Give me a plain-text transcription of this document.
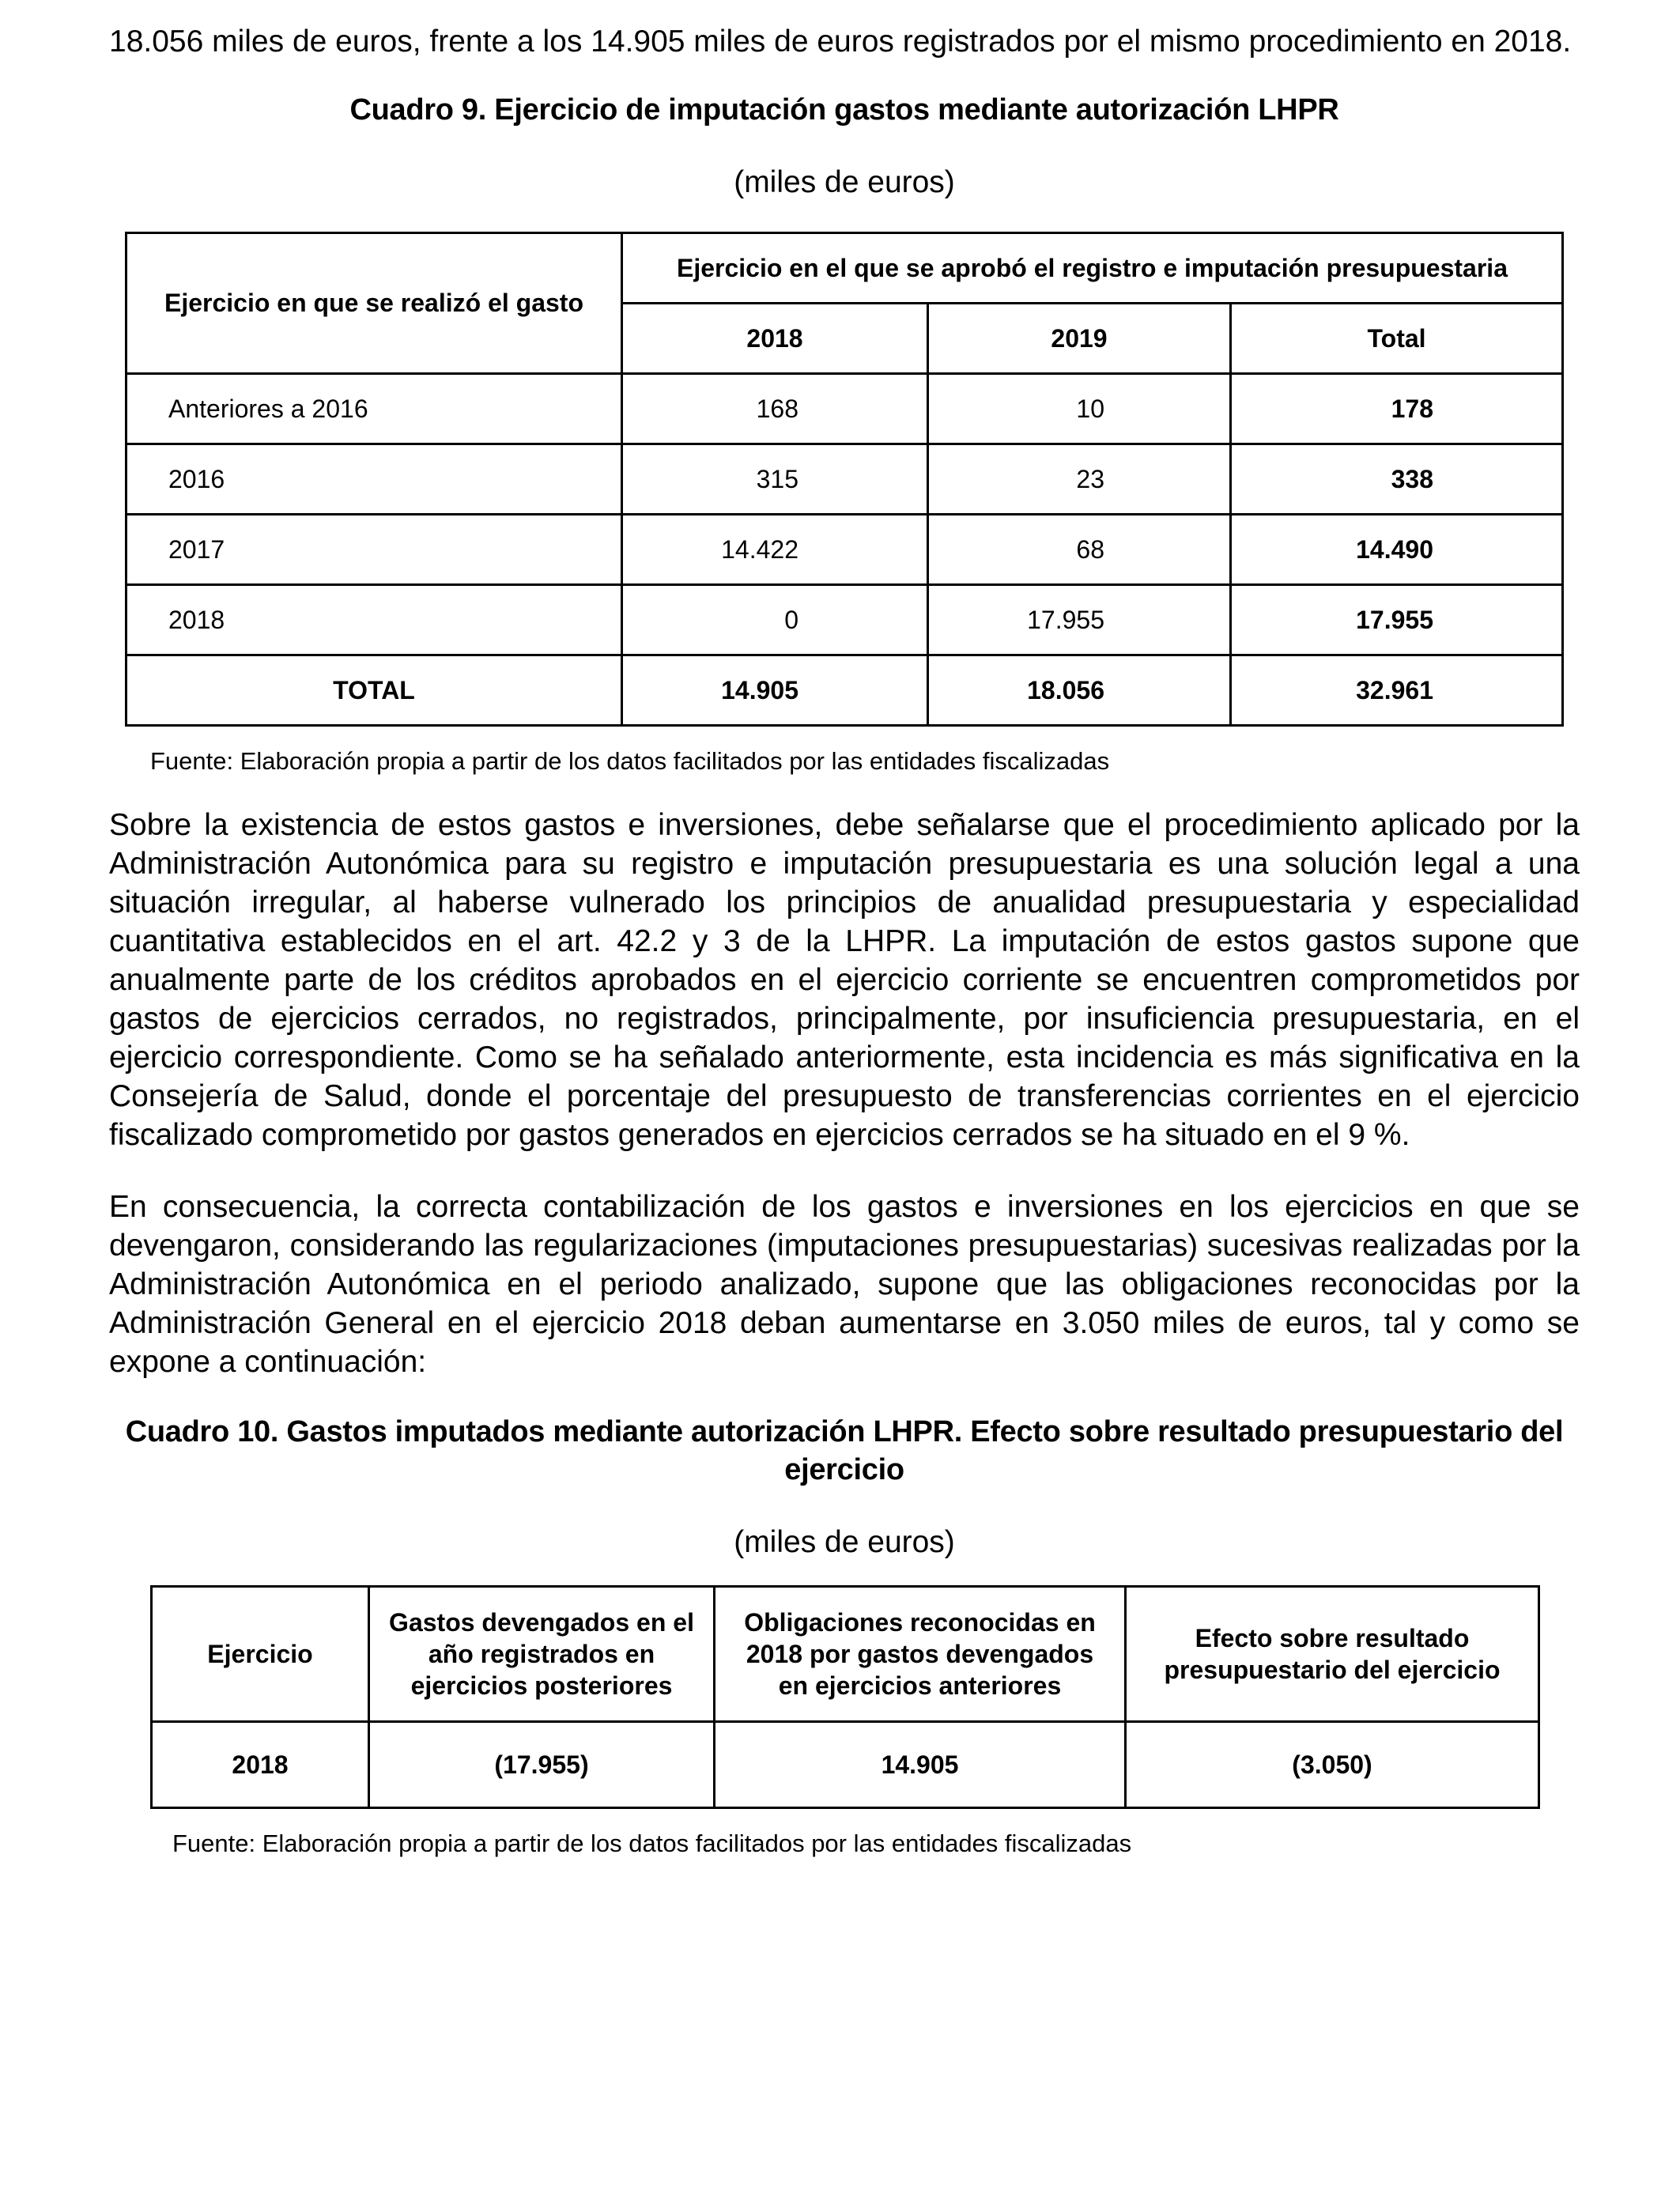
18.056 miles de euros, frente a los 14.905 miles de euros registrados por el mismo procedimiento en 2018.

Cuadro 9. Ejercicio de imputación gastos mediante autorización LHPR

(miles de euros)

Ejercicio en que se realizó el gasto	Ejercicio en el que se aprobó el registro e imputación presupuestaria		
	2018	2019	Total
Anteriores a 2016	168	10	178
2016	315	23	338
2017	14.422	68	14.490
2018	0	17.955	17.955
TOTAL	14.905	18.056	32.961

Fuente: Elaboración propia a partir de los datos facilitados por las entidades fiscalizadas

Sobre la existencia de estos gastos e inversiones, debe señalarse que el procedimiento aplicado por la Administración Autonómica para su registro e imputación presupuestaria es una solución legal a una situación irregular, al haberse vulnerado los principios de anualidad presupuestaria y especialidad cuantitativa establecidos en el art. 42.2 y 3 de la LHPR. La imputación de estos gastos supone que anualmente parte de los créditos aprobados en el ejercicio corriente se encuentren comprometidos por gastos de ejercicios cerrados, no registrados, principalmente, por insuficiencia presupuestaria, en el ejercicio correspondiente. Como se ha señalado anteriormente, esta incidencia es más significativa en la Consejería de Salud, donde el porcentaje del presupuesto de transferencias corrientes en el ejercicio fiscalizado comprometido por gastos generados en ejercicios cerrados se ha situado en el 9 %.

En consecuencia, la correcta contabilización de los gastos e inversiones en los ejercicios en que se devengaron, considerando las regularizaciones (imputaciones presupuestarias) sucesivas realizadas por la Administración Autonómica en el periodo analizado, supone que las obligaciones reconocidas por la Administración General en el ejercicio 2018 deban aumentarse en 3.050 miles de euros, tal y como se expone a continuación:

Cuadro 10. Gastos imputados mediante autorización LHPR. Efecto sobre resultado presupuestario del ejercicio

(miles de euros)

Ejercicio	Gastos devengados en el año registrados en ejercicios posteriores	Obligaciones reconocidas en 2018 por gastos devengados en ejercicios anteriores	Efecto sobre resultado presupuestario del ejercicio
2018	(17.955)	14.905	(3.050)

Fuente: Elaboración propia a partir de los datos facilitados por las entidades fiscalizadas
